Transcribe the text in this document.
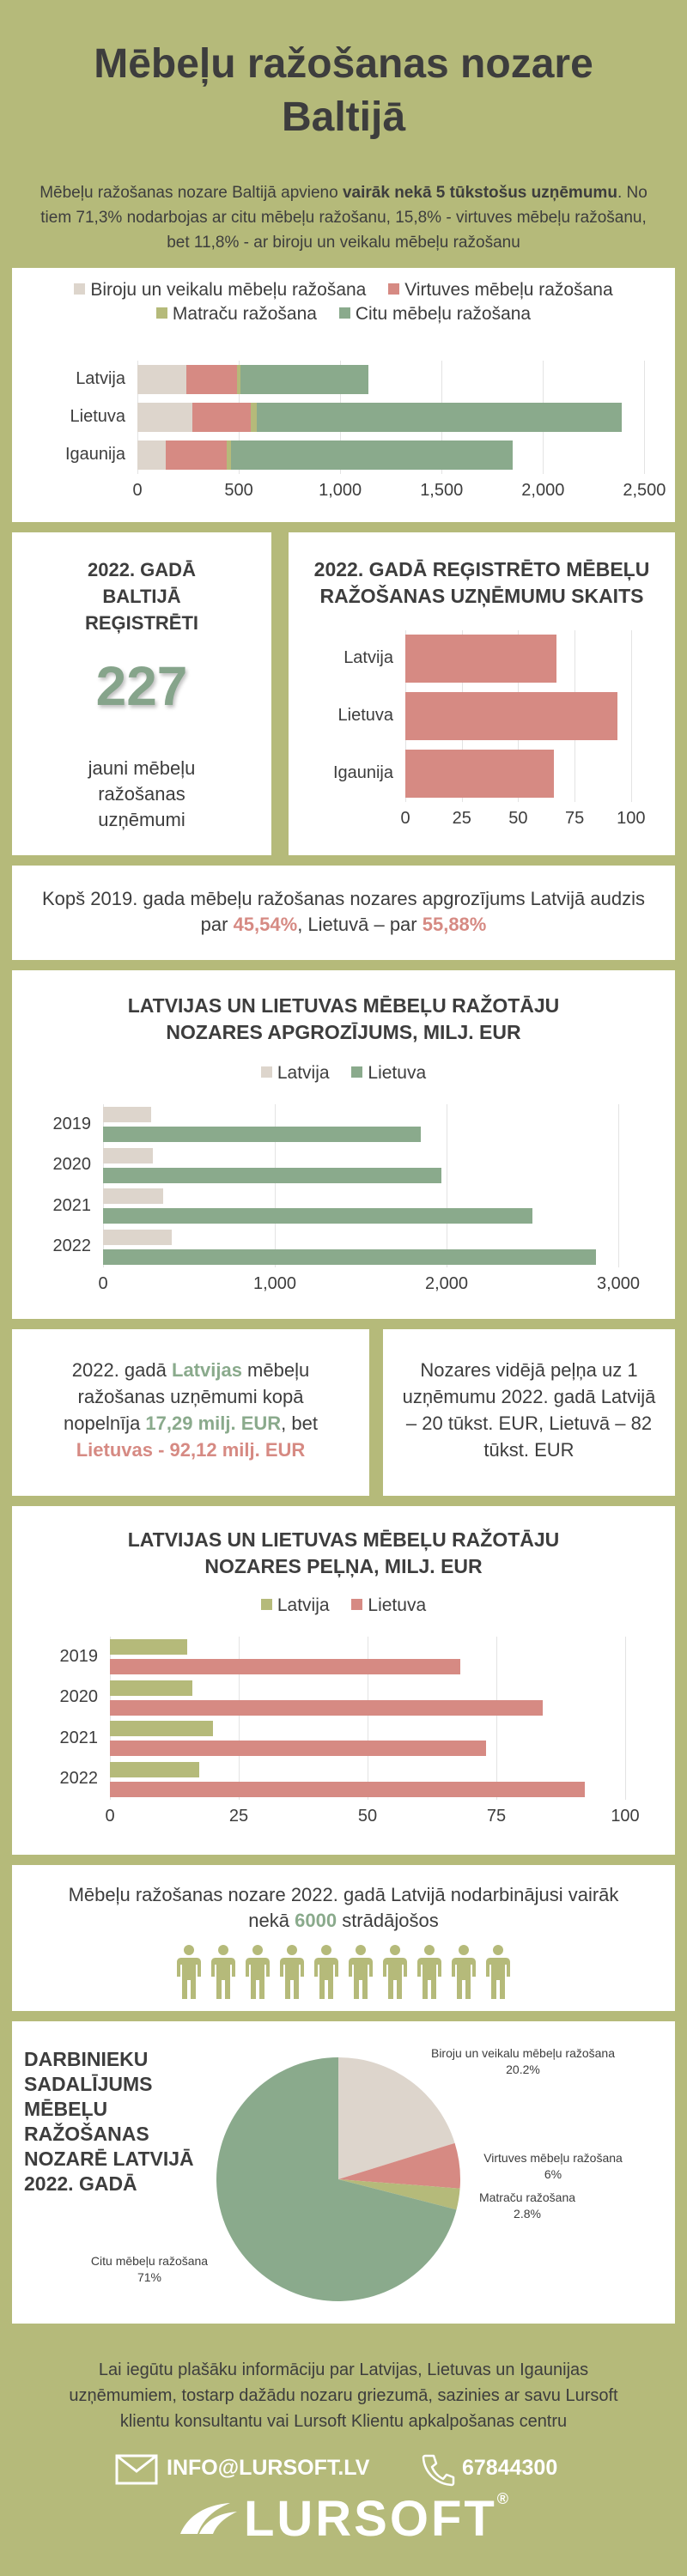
Mēbeļu ražošanas nozare
Baltijā
Mēbeļu ražošanas nozare Baltijā apvieno vairāk nekā 5 tūkstošus uzņēmumu. No tiem 71,3% nodarbojas ar citu mēbeļu ražošanu, 15,8% - virtuves mēbeļu ražošanu, bet 11,8% - ar biroju un veikalu mēbeļu ražošanu
Biroju un veikalu mēbeļu ražošana Virtuves mēbeļu ražošana
Matraču ražošana Citu mēbeļu ražošana
0	500	1,000	1,500	2,000	2,500
Latvija
Lietuva
Igaunija
2022. GADĀ BALTIJĀ REĢISTRĒTI
227
jauni mēbeļu ražošanas uzņēmumi
2022. GADĀ REĢISTRĒTO MĒBEĻU RAŽOŠANAS UZŅĒMUMU SKAITS
0	25	50	75	100
Latvija
Lietuva
Igaunija
Kopš 2019. gada mēbeļu ražošanas nozares apgrozījums Latvijā audzis par 45,54%, Lietuvā – par 55,88%
LATVIJAS UN LIETUVAS MĒBEĻU RAŽOTĀJU NOZARES APGROZĪJUMS, MILJ. EUR
Latvija Lietuva
0	1,000	2,000	3,000
2019
2020
2021
2022
2022. gadā Latvijas mēbeļu ražošanas uzņēmumi kopā nopelnīja 17,29 milj. EUR, bet Lietuvas - 92,12 milj. EUR
Nozares vidējā peļņa uz 1 uzņēmumu 2022. gadā Latvijā – 20 tūkst. EUR, Lietuvā – 82 tūkst. EUR
LATVIJAS UN LIETUVAS MĒBEĻU RAŽOTĀJU NOZARES PEĻŅA, MILJ. EUR
Latvija Lietuva
0	25	50	75	100
2019
2020
2021
2022
Mēbeļu ražošanas nozare 2022. gadā Latvijā nodarbinājusi vairāk nekā 6000 strādājošos
DARBINIEKU
SADALĪJUMS
MĒBEĻU
RAŽOŠANAS
NOZARĒ LATVIJĀ
2022. GADĀ
Biroju un veikalu mēbeļu ražošana
20.2%
Virtuves mēbeļu ražošana
6%
Matraču ražošana
2.8%
Citu mēbeļu ražošana
71%
Lai iegūtu plašāku informāciju par Latvijas, Lietuvas un Igaunijas uzņēmumiem, tostarp dažādu nozaru griezumā, sazinies ar savu Lursoft klientu konsultantu vai Lursoft Klientu apkalpošanas centru
INFO@LURSOFT.LV	67844300
LURSOFT®
